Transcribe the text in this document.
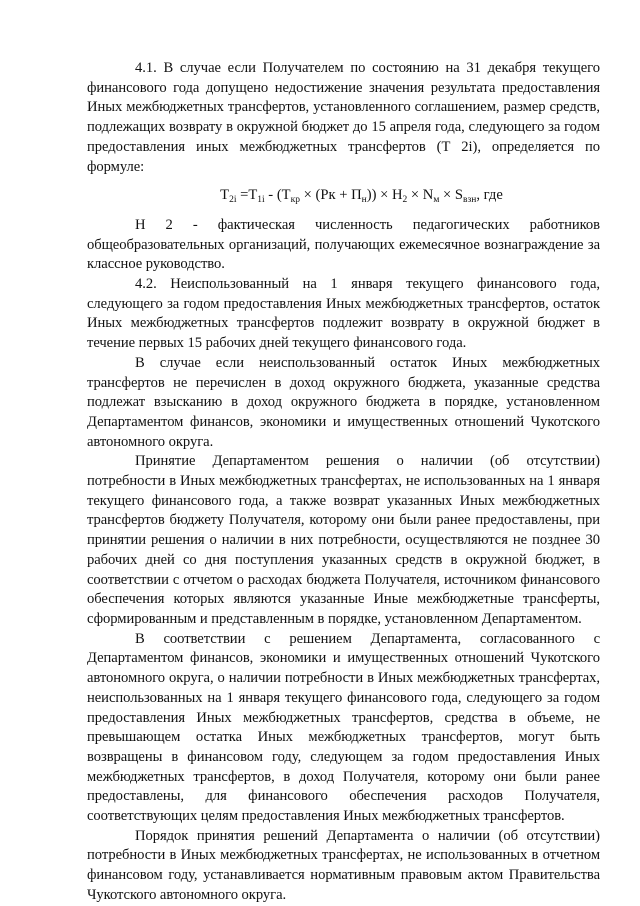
4.1. В случае если Получателем по состоянию на 31 декабря текущего финансового года допущено недостижение значения результата предоставления Иных межбюджетных трансфертов, установленного соглашением, размер средств, подлежащих возврату в окружной бюджет до 15 апреля года, следующего за годом предоставления иных межбюджетных трансфертов (Т 2i), определяется по формуле:

$Т_{2i} =Т_{1i} - (Т_{кр} \times (Рк + П_н)) \times Н_2 \times N_м \times S_{взн}$, где

Н 2 - фактическая численность педагогических работников общеобразовательных организаций, получающих ежемесячное вознаграждение за классное руководство.

4.2. Неиспользованный на 1 января текущего финансового года, следующего за годом предоставления Иных межбюджетных трансфертов, остаток Иных межбюджетных трансфертов подлежит возврату в окружной бюджет в течение первых 15 рабочих дней текущего финансового года.

В случае если неиспользованный остаток Иных межбюджетных трансфертов не перечислен в доход окружного бюджета, указанные средства подлежат взысканию в доход окружного бюджета в порядке, установленном Департаментом финансов, экономики и имущественных отношений Чукотского автономного округа.

Принятие Департаментом решения о наличии (об отсутствии) потребности в Иных межбюджетных трансфертах, не использованных на 1 января текущего финансового года, а также возврат указанных Иных межбюджетных трансфертов бюджету Получателя, которому они были ранее предоставлены, при принятии решения о наличии в них потребности, осуществляются не позднее 30 рабочих дней со дня поступления указанных средств в окружной бюджет, в соответствии с отчетом о расходах бюджета Получателя, источником финансового обеспечения которых являются указанные Иные межбюджетные трансферты, сформированным и представленным в порядке, установленном Департаментом.

В соответствии с решением Департамента, согласованного с Департаментом финансов, экономики и имущественных отношений Чукотского автономного округа, о наличии потребности в Иных межбюджетных трансфертах, неиспользованных на 1 января текущего финансового года, следующего за годом предоставления Иных межбюджетных трансфертов, средства в объеме, не превышающем остатка Иных межбюджетных трансфертов, могут быть возвращены в финансовом году, следующем за годом предоставления Иных межбюджетных трансфертов, в доход Получателя, которому они были ранее предоставлены, для финансового обеспечения расходов Получателя, соответствующих целям предоставления Иных межбюджетных трансфертов.

Порядок принятия решений Департамента о наличии (об отсутствии) потребности в Иных межбюджетных трансфертах, не использованных в отчетном финансовом году, устанавливается нормативным правовым актом Правительства Чукотского автономного округа.
